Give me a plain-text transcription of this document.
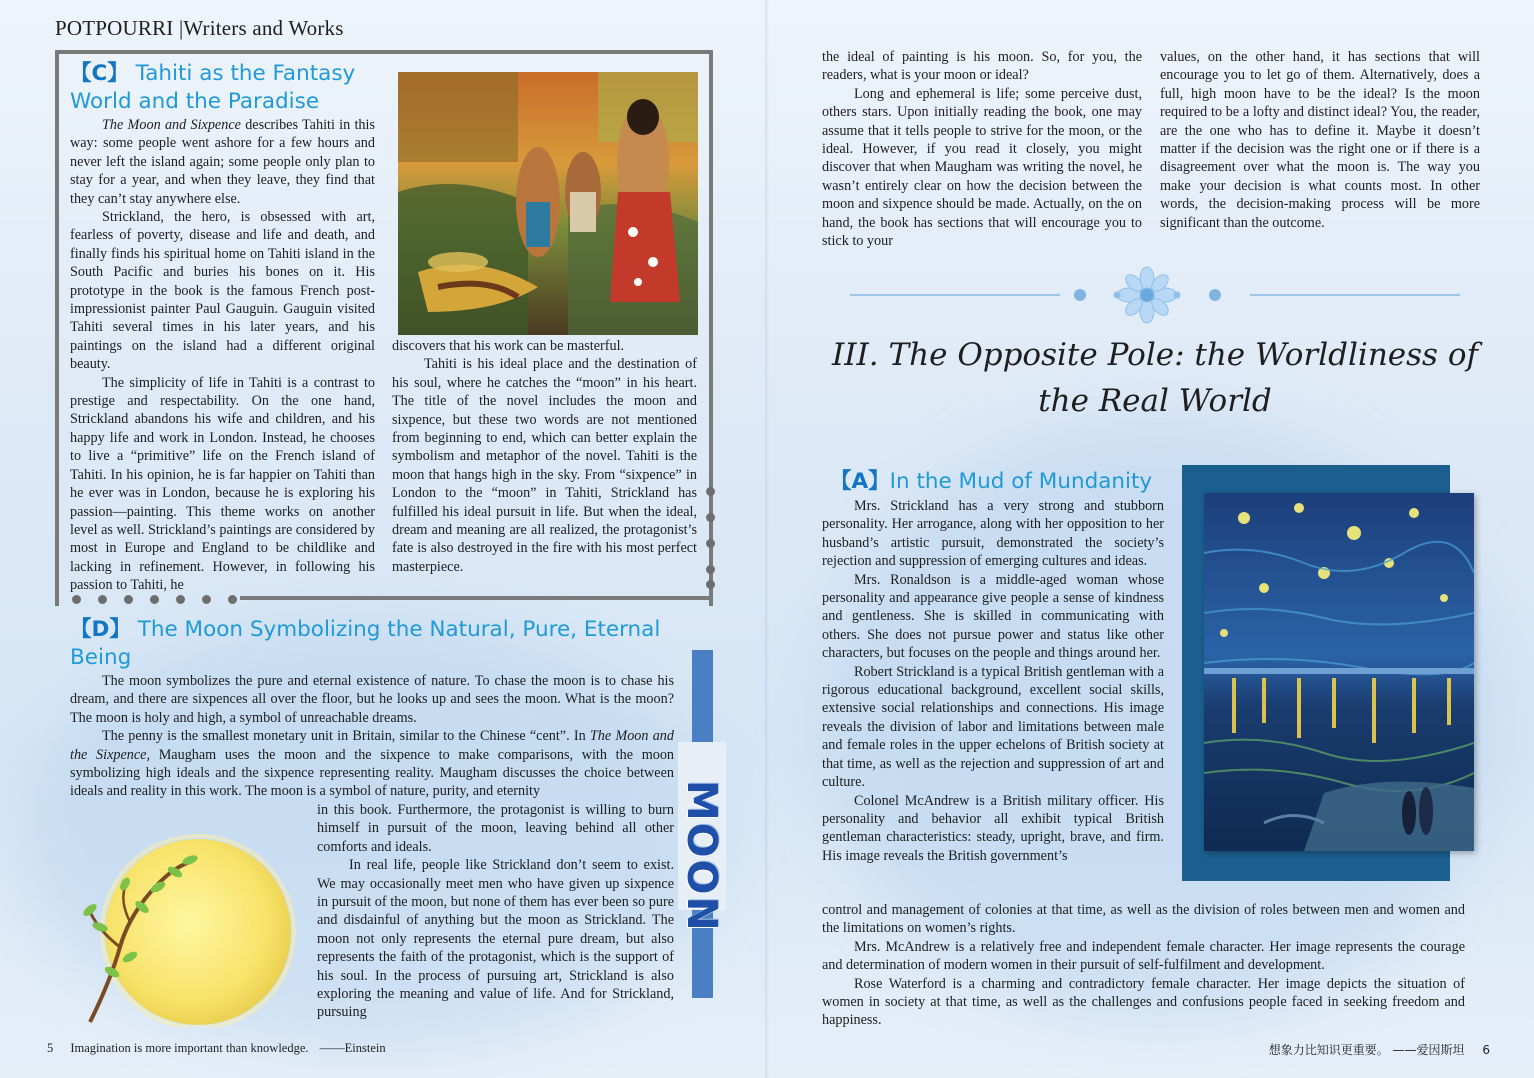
POTPOURRI |Writers and Works
【C】 Tahiti as the Fantasy World and the Paradise

The Moon and Sixpence describes Tahiti in this way: some people went ashore for a few hours and never left the island again; some people only plan to stay for a year, and when they leave, they find that they can’t stay anywhere else.

Strickland, the hero, is obsessed with art, fearless of poverty, disease and life and death, and finally finds his spiritual home on Tahiti island in the South Pacific and buries his bones on it. His prototype in the book is the famous French post-impressionist painter Paul Gauguin. Gauguin visited Tahiti several times in his later years, and his paintings on the island had a different original beauty.

The simplicity of life in Tahiti is a contrast to prestige and respectability. On the one hand, Strickland abandons his wife and children, and his happy life and work in London. Instead, he chooses to live a “primitive” life on the French island of Tahiti. In his opinion, he is far happier on Tahiti than he ever was in London, because he is exploring his passion—painting. This theme works on another level as well. Strickland’s paintings are considered by most in Europe and England to be childlike and lacking in refinement. However, in following his passion to Tahiti, he

discovers that his work can be masterful.

Tahiti is his ideal place and the destination of his soul, where he catches the “moon” in his heart. The title of the novel includes the moon and sixpence, but these two words are not mentioned from beginning to end, which can better explain the symbolism and metaphor of the novel. Tahiti is the moon that hangs high in the sky. From “sixpence” in London to the “moon” in Tahiti, Strickland has fulfilled his ideal pursuit in life. But when the ideal, dream and meaning are all realized, the protagonist’s fate is also destroyed in the fire with his most perfect masterpiece.

【D】 The Moon Symbolizing the Natural, Pure, Eternal Being
MOON

The moon symbolizes the pure and eternal existence of nature. To chase the moon is to chase his dream, and there are sixpences all over the floor, but he looks up and sees the moon. What is the moon? The moon is holy and high, a symbol of unreachable dreams.

The penny is the smallest monetary unit in Britain, similar to the Chinese “cent”. In The Moon and the Sixpence, Maugham uses the moon and the sixpence to make comparisons, with the moon symbolizing high ideals and the sixpence representing reality. Maugham discusses the choice between ideals and reality in this work. The moon is a symbol of nature, purity, and eternity

in this book. Furthermore, the protagonist is willing to burn himself in pursuit of the moon, leaving behind all other comforts and ideals.

In real life, people like Strickland don’t seem to exist. We may occasionally meet men who have given up sixpence in pursuit of the moon, but none of them has ever been so pure and disdainful of anything but the moon as Strickland. The moon not only represents the eternal pure dream, but also represents the faith of the protagonist, which is the support of his soul. In the process of pursuing art, Strickland is also exploring the meaning and value of life. And for Strickland, pursuing

the ideal of painting is his moon. So, for you, the readers, what is your moon or ideal?

Long and ephemeral is life; some perceive dust, others stars. Upon initially reading the book, one may assume that it tells people to strive for the moon, or the ideal. However, if you read it closely, you might discover that when Maugham was writing the novel, he wasn’t entirely clear on how the decision between the moon and sixpence should be made. Actually, on the on hand, the book has sections that will encourage you to stick to your

values, on the other hand, it has sections that will encourage you to let go of them. Alternatively, does a full, high moon have to be the ideal? Is the moon required to be a lofty and distinct ideal? You, the reader, are the one who has to define it. Maybe it doesn’t matter if the decision was the right one or if there is a disagreement over what the moon is. The way you make your decision is what counts most. In other words, the decision-making process will be more significant than the outcome.

III. The Opposite Pole: the Worldliness of the Real World
【A】In the Mud of Mundanity

Mrs. Strickland has a very strong and stubborn personality. Her arrogance, along with her opposition to her husband’s artistic pursuit, demonstrated the society’s rejection and suppression of emerging cultures and ideas.

Mrs. Ronaldson is a middle-aged woman whose personality and appearance give people a sense of kindness and gentleness. She is skilled in communicating with others. She does not pursue power and status like other characters, but focuses on the people and things around her.

Robert Strickland is a typical British gentleman with a rigorous educational background, excellent social skills, extensive social relationships and connections. His image reveals the division of labor and limitations between male and female roles in the upper echelons of British society at that time, as well as the rejection and suppression of art and culture.

Colonel McAndrew is a British military officer. His personality and behavior all exhibit typical British gentleman characteristics: steady, upright, brave, and firm. His image reveals the British government’s

control and management of colonies at that time, as well as the division of roles between men and women and the limitations on women’s rights.

Mrs. McAndrew is a relatively free and independent female character. Her image represents the courage and determination of modern women in their pursuit of self-fulfilment and development.

Rose Waterford is a charming and contradictory female character. Her image depicts the situation of women in society at that time, as well as the challenges and confusions people faced in seeking freedom and happiness.

5 Imagination is more important than knowledge. ——Einstein	想象力比知识更重要。 ——爱因斯坦 6
